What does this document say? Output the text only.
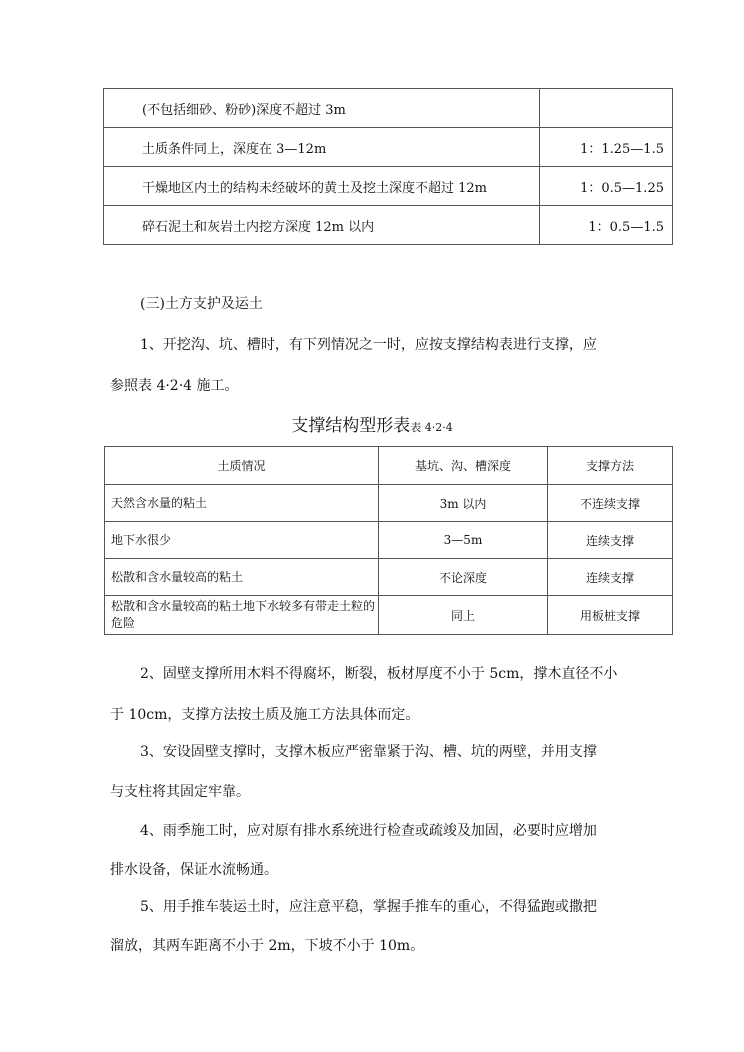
(不包括细砂、粉砂)深度不超过 3m	
土质条件同上，深度在 3—12m	1：1.25—1.5
干燥地区内土的结构未经破坏的黄土及挖土深度不超过 12m	1：0.5—1.25
碎石泥土和灰岩土内挖方深度 12m 以内	1：0.5—1.5
(三)土方支护及运土
1、开挖沟、坑、槽时，有下列情况之一时，应按支撑结构表进行支撑，应
参照表 4·2·4 施工。
支撑结构型形表表 4·2·4
土质情况	基坑、沟、槽深度	支撑方法
天然含水量的粘土	3m 以内	不连续支撑
地下水很少	3—5m	连续支撑
松散和含水量较高的粘土	不论深度	连续支撑
松散和含水量较高的粘土地下水较多有带走土粒的危险	同上	用板桩支撑
2、固壁支撑所用木料不得腐坏，断裂，板材厚度不小于 5cm，撑木直径不小
于 10cm，支撑方法按土质及施工方法具体而定。
3、安设固壁支撑时，支撑木板应严密靠紧于沟、槽、坑的两壁，并用支撑
与支柱将其固定牢靠。
4、雨季施工时，应对原有排水系统进行检查或疏竣及加固，必要时应增加
排水设备，保证水流畅通。
5、用手推车装运土时，应注意平稳，掌握手推车的重心，不得猛跑或撒把
溜放，其两车距离不小于 2m，下坡不小于 10m。
